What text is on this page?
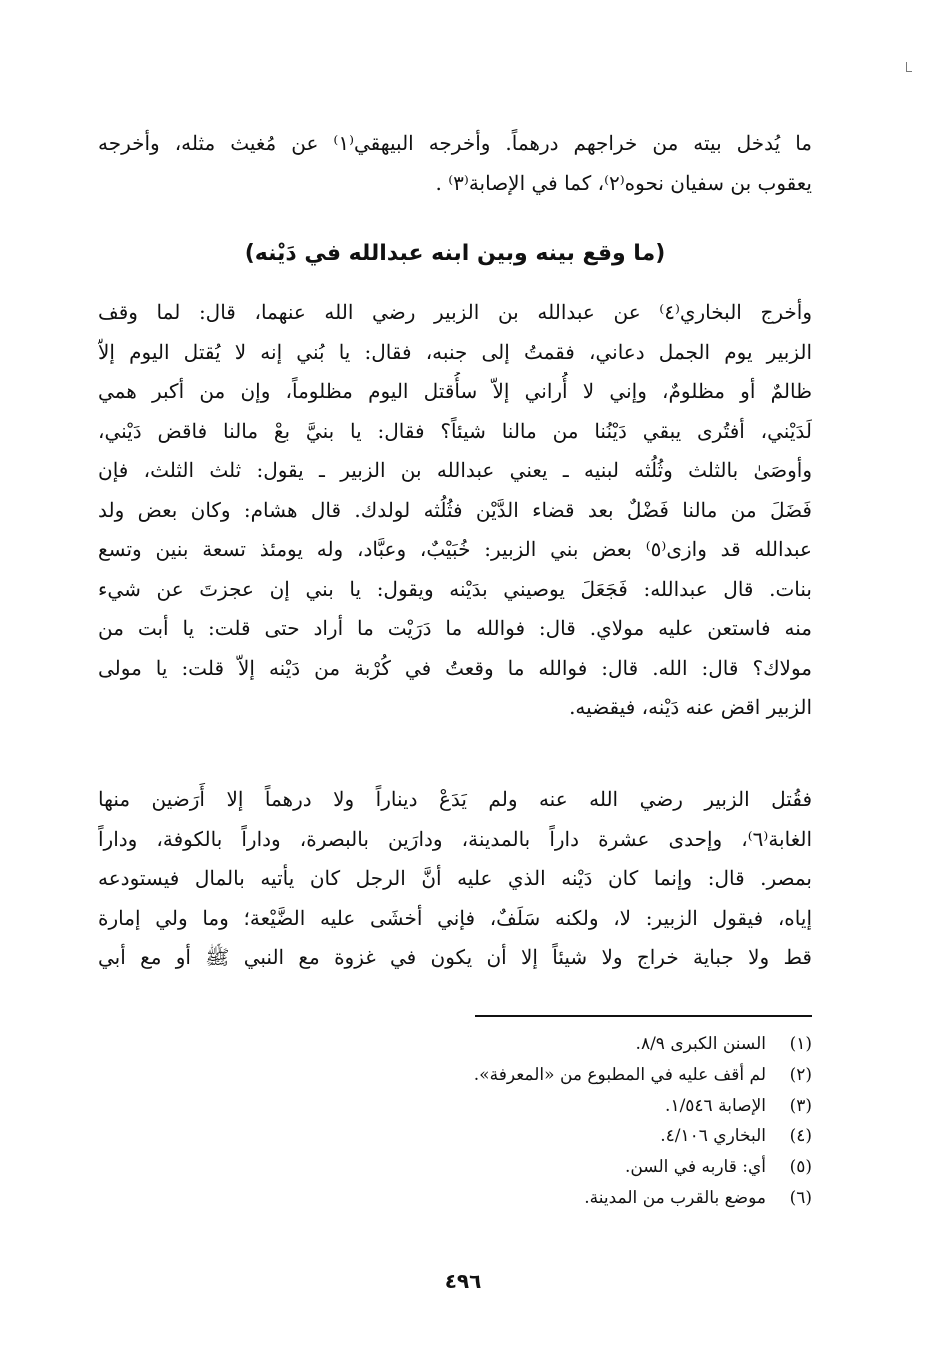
ما يُدخل بيته من خراجهم درهماً. وأخرجه البيهقي⁽١⁾ عن مُغيث مثله، وأخرجه
يعقوب بن سفيان نحوه⁽٢⁾، كما في الإصابة⁽٣⁾ .
(ما وقع بينه وبين ابنه عبدالله في دَيْنه)
وأخرج البخاري⁽٤⁾ عن عبدالله بن الزبير رضي الله عنهما، قال: لما وقف
الزبير يوم الجمل دعاني، فقمتُ إلى جنبه، فقال: يا بُني إنه لا يُقتل اليوم إلاّ
ظالمٌ أو مظلومٌ، وإني لا أُراني إلاّ سأُقتل اليوم مظلوماً، وإن من أكبر همي
لَدَيْني، أفتُرى يبقي دَيْنُنا من مالنا شيئاً؟ فقال: يا بنيَّ بعْ مالنا فاقض دَيْني،
وأوصَىٰ بالثلث وثُلُثه لبنيه ـ يعني عبدالله بن الزبير ـ يقول: ثلث الثلث، فإن
فَضَلَ من مالنا فَضْلٌ بعد قضاء الدَّيْن فثُلُثه لولدك. قال هشام: وكان بعض ولد
عبدالله قد وازى⁽٥⁾ بعض بني الزبير: خُبَيْبٌ، وعبَّاد، وله يومئذ تسعة بنين وتسع
بنات. قال عبدالله: فَجَعَلَ يوصيني بدَيْنه ويقول: يا بني إن عجزتَ عن شيء
منه فاستعن عليه مولاي. قال: فوالله ما دَرَيْت ما أراد حتى قلت: يا أبت من
مولاك؟ قال: الله. قال: فوالله ما وقعتُ في كُرْبة من دَيْنه إلاّ قلت: يا مولى
الزبير اقض عنه دَيْنه، فيقضيه.
فقُتل الزبير رضي الله عنه ولم يَدَعْ ديناراً ولا درهماً إلا أَرَضين منها
الغابة⁽٦⁾، وإحدى عشرة داراً بالمدينة، ودارَين بالبصرة، وداراً بالكوفة، وداراً
بمصر. قال: وإنما كان دَيْنه الذي عليه أنَّ الرجل كان يأتيه بالمال فيستودعه
إياه، فيقول الزبير: لا، ولكنه سَلَفٌ، فإني أخشَى عليه الضَّيْعة؛ وما ولي إمارة
قط ولا جباية خراج ولا شيئاً إلا أن يكون في غزوة مع النبي ﷺ أو مع أبي
(١)
السنن الكبرى ٨/٩.
(٢)
لم أقف عليه في المطبوع من «المعرفة».
(٣)
الإصابة ١/٥٤٦.
(٤)
البخاري ٤/١٠٦.
(٥)
أي: قاربه في السن.
(٦)
موضع بالقرب من المدينة.
٤٩٦
